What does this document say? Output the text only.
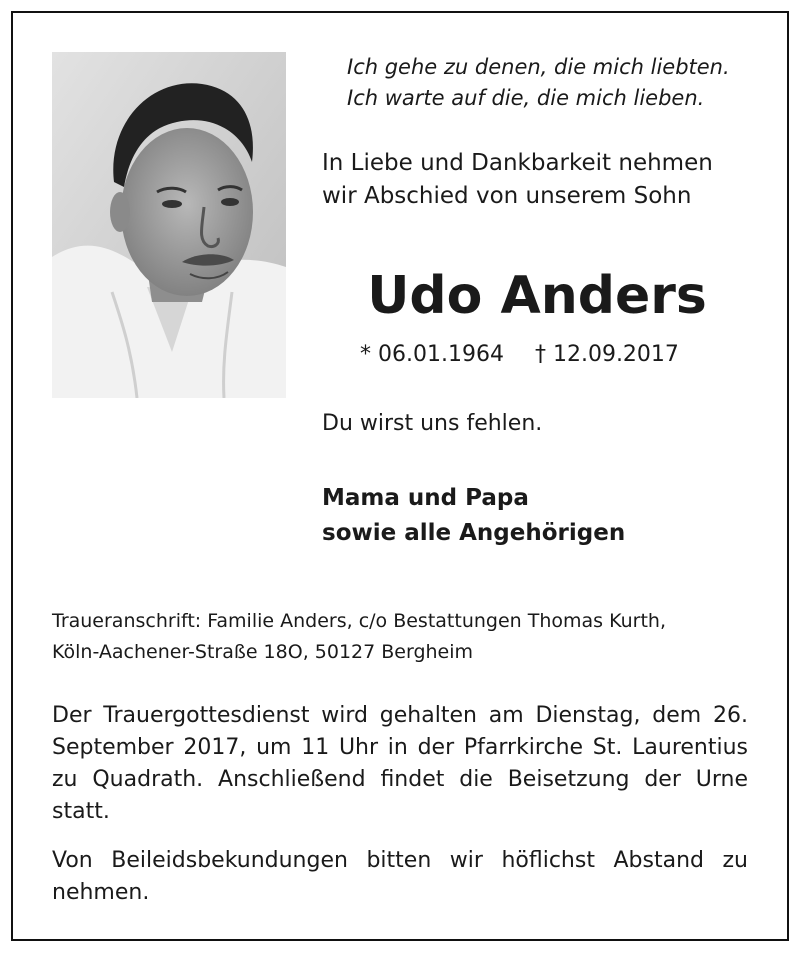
Ich gehe zu denen, die mich liebten.
Ich warte auf die, die mich lieben.
In Liebe und Dankbarkeit nehmen
wir Abschied von unserem Sohn
Udo Anders
* 06.01.1964 † 12.09.2017
Du wirst uns fehlen.
Mama und Papa
sowie alle Angehörigen
Traueranschrift: Familie Anders, c/o Bestattungen Thomas Kurth,
Köln-Aachener-Straße 18O, 50127 Bergheim
Der Trauergottesdienst wird gehalten am Dienstag, dem 26. September 2017, um 11 Uhr in der Pfarrkirche St. Laurentius zu Quadrath. Anschließend findet die Beisetzung der Urne statt.
Von Beileidsbekundungen bitten wir höflichst Abstand zu nehmen.
